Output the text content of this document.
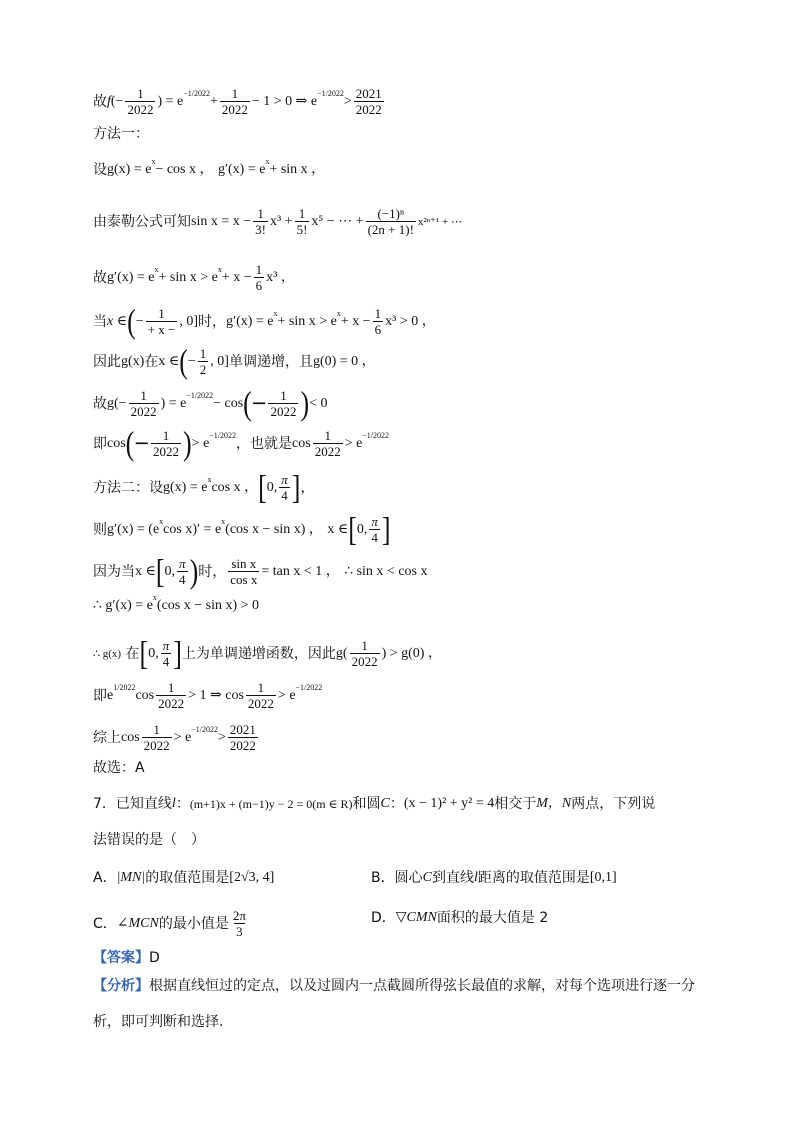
故 f (− $\frac{1}{2022}$ ) = e
−1/2022
+ $\frac{1}{2022} - 1 > 0$ ⇒ e
−1/2022
> $\frac{2021}{2022}$
方法一：
设 g(x) = e
x
− cos x ，
g′(x) = e
x
+ sin x ，
由泰勒公式可知 $\sin x = x - \frac{1}{3!} x^3 + \frac{1}{5!} x^5$ − ⋯ + $\frac{\text{(−1)ⁿ}}{(2n + 1)!} x^{2n+1}$ + ⋯
故 g′(x) = e
x
+ sin x > e
x
+ $x - \frac{1}{6} x^3$ ，
当 x ∈ ( − $\frac{1}{+ x -}$ , 0] 时， g′(x) = e
x
+ sin x > e
x
+ $x - \frac{1}{6} x^3 > 0$ ，
因此 g(x) 在 x ∈ ( − $\frac{1}{2}$ , 0] 单调递增，且 g(0) = 0 ，
故 $g(- \frac{1}{2022}$ ) = e
−1/2022
− cos (− $\frac{1}{2022}$ ) < 0
即 cos (− $\frac{1}{2022}$ ) > e
−1/2022
，也就是 $\cos \frac{1}{2022} > e$
−1/2022
方法二：设 g(x) = e
x
cos x ， [ 0, $\frac{\pi}{4}$ ] ，
则 g′(x) = (e
x
cos x)′ = e
x
(cos x − sin x) ，
x ∈ [ 0, $\frac{\pi}{4}$ ]
因为当 x ∈ [ 0, $\frac{\pi}{4}$ ) 时， $\frac{\text{sin x}}{\text{cos x}} = \tan x < 1$ ，
∴ sin x < cos x
∴ g′(x) = e
x
(cos x − sin x) > 0
∴ g(x)
在 [ 0, $\frac{\pi}{4}$ ] 上为单调递增函数，因此 $g( \frac{1}{2022}$ ) > g(0) ，
即 e
1/2022
$\cos \frac{1}{2022} > 1$ ⇒ $\cos \frac{1}{2022} > e$
−1/2022
综上 $\cos \frac{1}{2022} > e$
−1/2022
> $\frac{2021}{2022}$
故选：A
7．已知直线 l ： (m+1)x + (m−1)y − 2 = 0(m ∈ R) 和圆 C ： (x − 1)² + y² = 4 相交于 M，N 两点，下列说
法错误的是（　）
A． |MN| 的取值范围是 [2√3, 4]	B．圆心 C 到直线 l 距离的取值范围是 [0,1]
C． ∠MCN 的最小值是 $\frac{2\pi}{3}$	D． ▽CMN 面积的最大值是 2
【答案】 D
【分析】 根据直线恒过的定点，以及过圆内一点截圆所得弦长最值的求解，对每个选项进行逐一分
析，即可判断和选择.
